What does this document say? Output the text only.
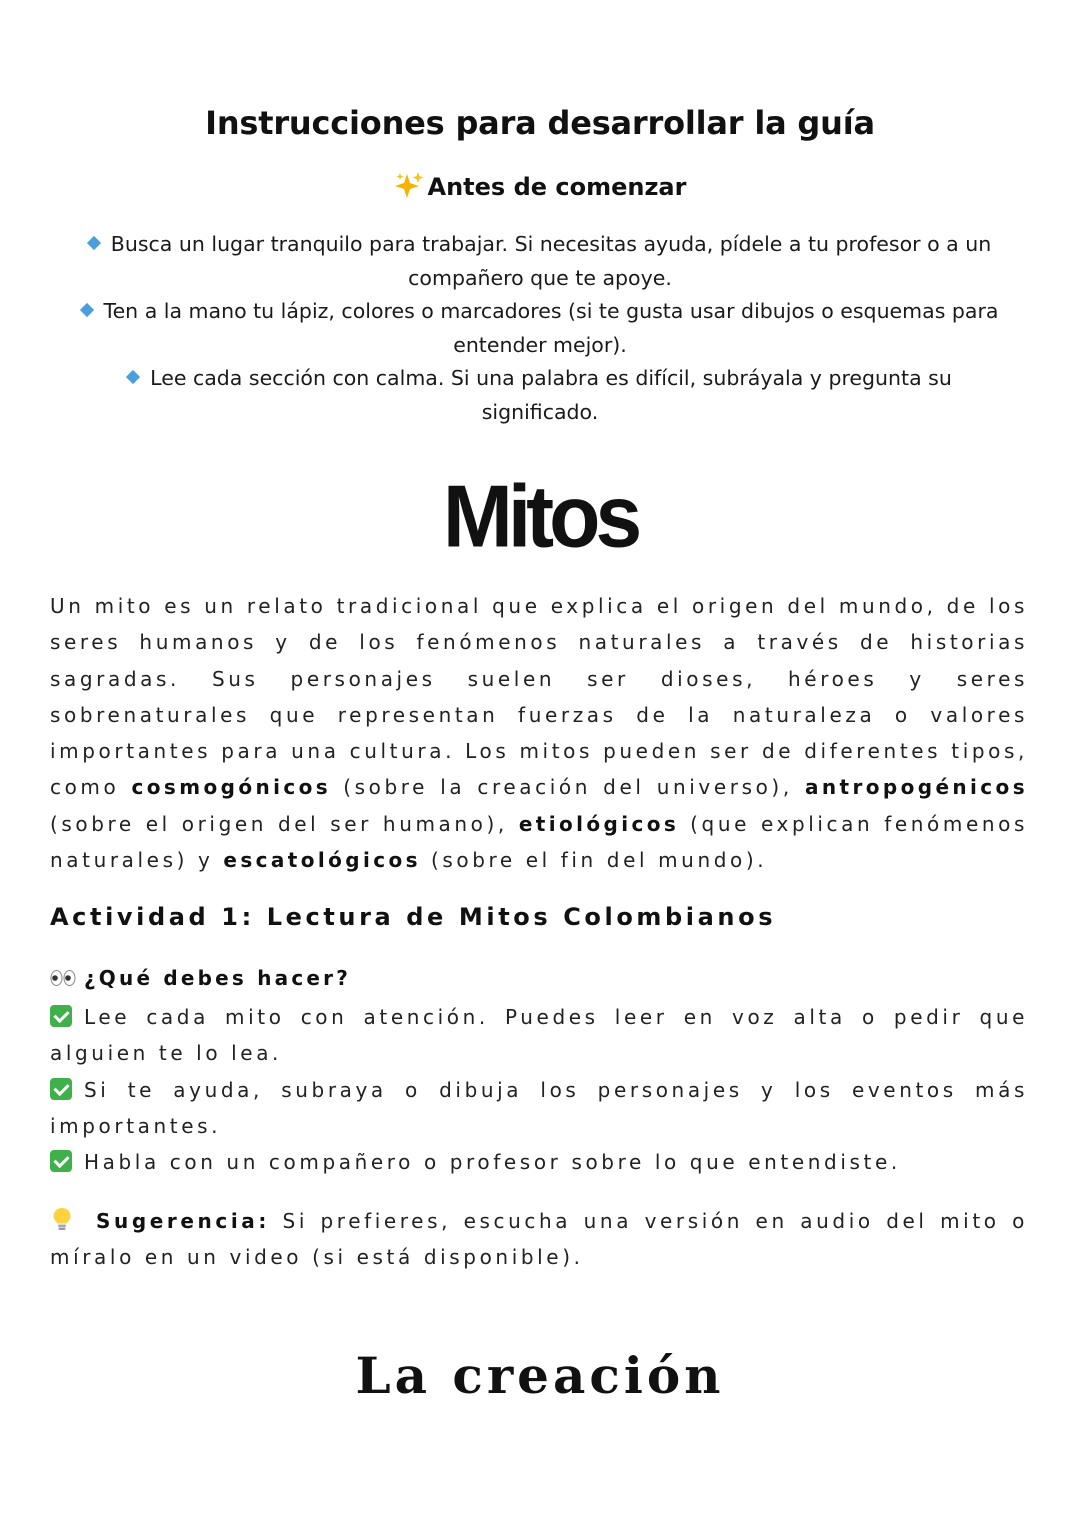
Instrucciones para desarrollar la guía
Antes de comenzar
Busca un lugar tranquilo para trabajar. Si necesitas ayuda, pídele a tu profesor o a un
compañero que te apoye.
Ten a la mano tu lápiz, colores o marcadores (si te gusta usar dibujos o esquemas para
entender mejor).
Lee cada sección con calma. Si una palabra es difícil, subráyala y pregunta su significado.
Mitos
Un mito es un relato tradicional que explica el origen del mundo, de los seres humanos y de los fenómenos naturales a través de historias sagradas. Sus personajes suelen ser dioses, héroes y seres sobrenaturales que representan fuerzas de la naturaleza o valores importantes para una cultura. Los mitos pueden ser de diferentes tipos, como cosmogónicos (sobre la creación del universo), antropogénicos (sobre el origen del ser humano), etiológicos (que explican fenómenos naturales) y escatológicos (sobre el fin del mundo).
Actividad 1: Lectura de Mitos Colombianos
¿Qué debes hacer?
Lee cada mito con atención. Puedes leer en voz alta o pedir que alguien te lo lea.
Si te ayuda, subraya o dibuja los personajes y los eventos más importantes.
Habla con un compañero o profesor sobre lo que entendiste.
Sugerencia: Si prefieres, escucha una versión en audio del mito o míralo en un video (si está disponible).
La creación
